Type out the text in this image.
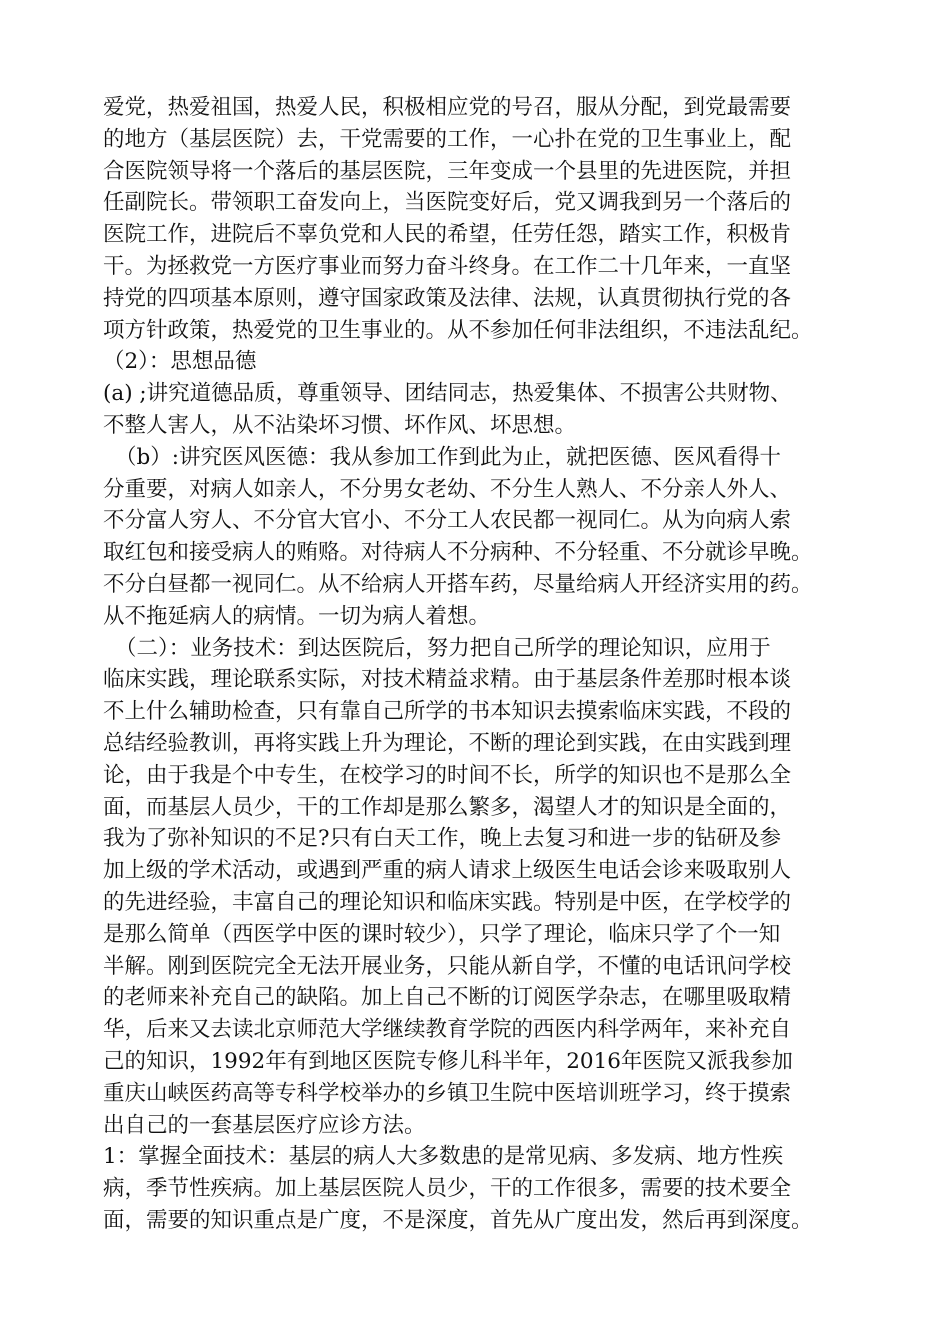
爱党，热爱祖国，热爱人民，积极相应党的号召，服从分配，到党最需要
的地方（基层医院）去，干党需要的工作，一心扑在党的卫生事业上，配
合医院领导将一个落后的基层医院，三年变成一个县里的先进医院，并担
任副院长。带领职工奋发向上，当医院变好后，党又调我到另一个落后的
医院工作，进院后不辜负党和人民的希望，任劳任怨，踏实工作，积极肯
干。为拯救党一方医疗事业而努力奋斗终身。在工作二十几年来，一直坚
持党的四项基本原则，遵守国家政策及法律、法规，认真贯彻执行党的各
项方针政策，热爱党的卫生事业的。从不参加任何非法组织，不违法乱纪。
（2）：思想品德
(a) ;讲究道德品质，尊重领导、团结同志，热爱集体、不损害公共财物、
不整人害人，从不沾染坏习惯、坏作风、坏思想。
（b）:讲究医风医德：我从参加工作到此为止，就把医德、医风看得十
分重要，对病人如亲人，不分男女老幼、不分生人熟人、不分亲人外人、
不分富人穷人、不分官大官小、不分工人农民都一视同仁。从为向病人索
取红包和接受病人的贿赂。对待病人不分病种、不分轻重、不分就诊早晚。
不分白昼都一视同仁。从不给病人开搭车药，尽量给病人开经济实用的药。
从不拖延病人的病情。一切为病人着想。
（二）：业务技术：到达医院后，努力把自己所学的理论知识，应用于
临床实践，理论联系实际，对技术精益求精。由于基层条件差那时根本谈
不上什么辅助检查，只有靠自己所学的书本知识去摸索临床实践，不段的
总结经验教训，再将实践上升为理论，不断的理论到实践，在由实践到理
论，由于我是个中专生，在校学习的时间不长，所学的知识也不是那么全
面，而基层人员少，干的工作却是那么繁多，渴望人才的知识是全面的，
我为了弥补知识的不足?只有白天工作，晚上去复习和进一步的钻研及参
加上级的学术活动，或遇到严重的病人请求上级医生电话会诊来吸取别人
的先进经验，丰富自己的理论知识和临床实践。特别是中医，在学校学的
是那么简单（西医学中医的课时较少），只学了理论，临床只学了个一知
半解。刚到医院完全无法开展业务，只能从新自学，不懂的电话讯问学校
的老师来补充自己的缺陷。加上自己不断的订阅医学杂志，在哪里吸取精
华，后来又去读北京师范大学继续教育学院的西医内科学两年，来补充自
己的知识，1992年有到地区医院专修儿科半年，2016年医院又派我参加
重庆山峡医药高等专科学校举办的乡镇卫生院中医培训班学习，终于摸索
出自己的一套基层医疗应诊方法。
1：掌握全面技术：基层的病人大多数患的是常见病、多发病、地方性疾
病，季节性疾病。加上基层医院人员少，干的工作很多，需要的技术要全
面，需要的知识重点是广度，不是深度，首先从广度出发，然后再到深度。
